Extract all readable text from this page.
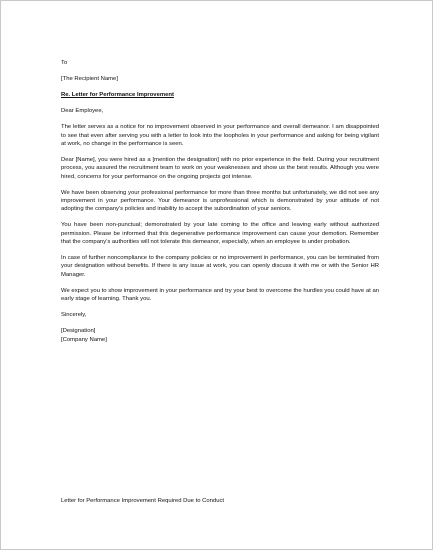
To
[The Recipient Name]
Re. Letter for Performance Improvement
Dear Employee,

The letter serves as a notice for no improvement observed in your performance and overall demeanor. I am disappointed to see that even after serving you with a letter to look into the loopholes in your performance and asking for being vigilant at work, no change in the performance is seen.

Dear [Name], you were hired as a [mention the designation] with no prior experience in the field. During your recruitment process, you assured the recruitment team to work on your weaknesses and show us the best results. Although you were hired, concerns for your performance on the ongoing projects got intense.

We have been observing your professional performance for more than three months but unfortunately, we did not see any improvement in your performance. Your demeanor is unprofessional which is demonstrated by your attitude of not adopting the company's policies and inability to accept the subordination of your seniors.

You have been non-punctual; demonstrated by your late coming to the office and leaving early without authorized permission. Please be informed that this degenerative performance improvement can cause your demotion. Remember that the company's authorities will not tolerate this demeanor, especially, when an employee is under probation.

In case of further noncompliance to the company policies or no improvement in performance, you can be terminated from your designation without benefits. If there is any issue at work, you can openly discuss it with me or with the Senior HR Manager.

We expect you to show improvement in your performance and try your best to overcome the hurdles you could have at an early stage of learning. Thank you.

Sincerely,
[Designation]
[Company Name]
Letter for Performance Improvement Required Due to Conduct
